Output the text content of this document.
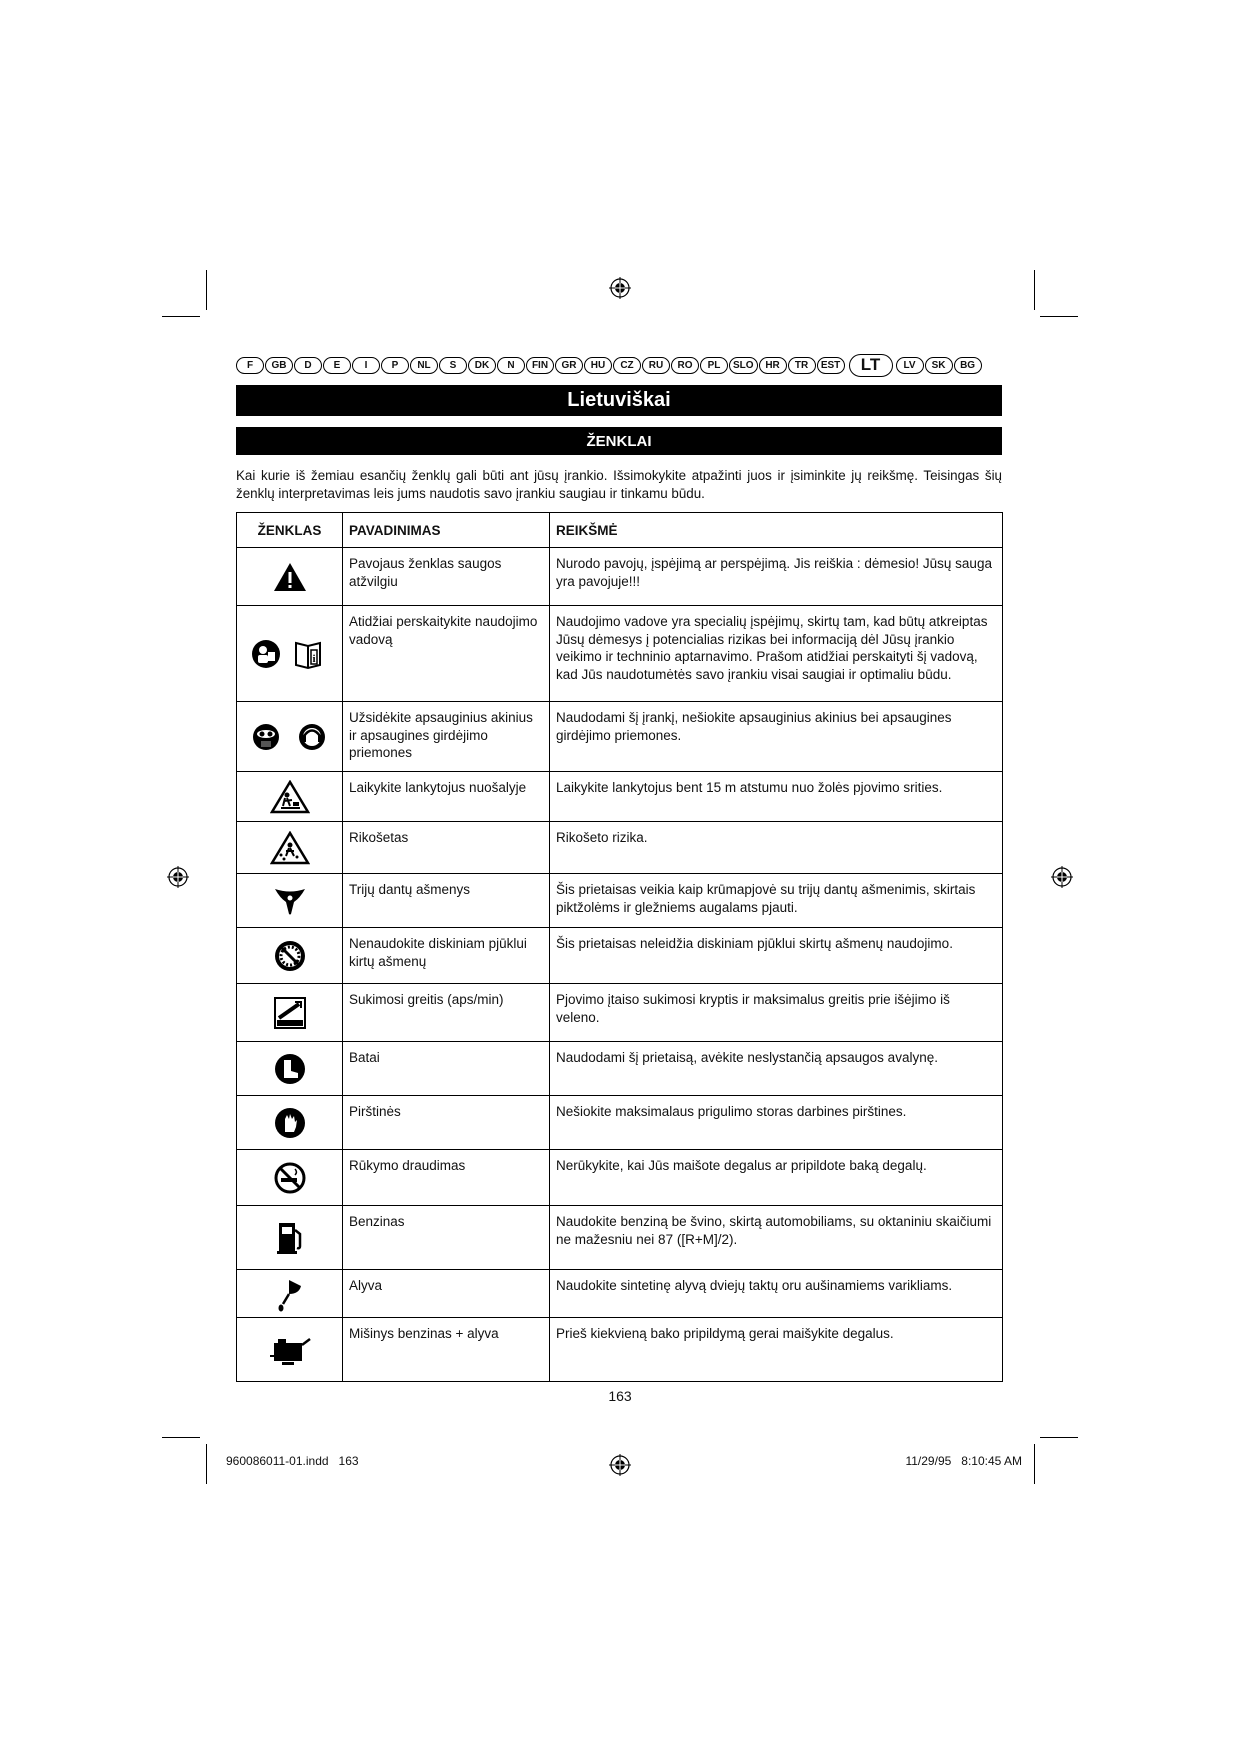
F	GB	D	E	I	P	NL	S	DK	N	FIN	GR	HU	CZ	RU	RO	PL	SLO	HR	TR	EST	LT	LV	SK	BG
Lietuviškai
ŽENKLAI
Kai kurie iš žemiau esančių ženklų gali būti ant jūsų įrankio. Išsimokykite atpažinti juos ir įsiminkite jų reikšmę. Teisingas šių ženklų interpretavimas leis jums naudotis savo įrankiu saugiau ir tinkamu būdu.
ŽENKLAS	PAVADINIMAS	REIKŠMĖ
	Pavojaus ženklas saugos atžvilgiu	Nurodo pavojų, įspėjimą ar perspėjimą. Jis reiškia : dėmesio! Jūsų sauga yra pavojuje!!!

i	Atidžiai perskaitykite naudojimo vadovą	Naudojimo vadove yra specialių įspėjimų, skirtų tam, kad būtų atkreiptas Jūsų dėmesys į potencialias rizikas bei informaciją dėl Jūsų įrankio veikimo ir techninio aptarnavimo. Prašom atidžiai perskaityti šį vadovą, kad Jūs naudotumėtės savo įrankiu visai saugiai ir optimaliu būdu.
	Užsidėkite apsauginius akinius ir apsaugines girdėjimo priemones	Naudodami šį įrankį, nešiokite apsauginius akinius bei apsaugines girdėjimo priemones.
	Laikykite lankytojus nuošalyje	Laikykite lankytojus bent 15 m atstumu nuo žolės pjovimo srities.
	Rikošetas	Rikošeto rizika.
	Trijų dantų ašmenys	Šis prietaisas veikia kaip krūmapjovė su trijų dantų ašmenimis, skirtais piktžolėms ir gležniems augalams pjauti.
	Nenaudokite diskiniam pjūklui kirtų ašmenų	Šis prietaisas neleidžia diskiniam pjūklui skirtų ašmenų naudojimo.
	Sukimosi greitis (aps/min)	Pjovimo įtaiso sukimosi kryptis ir maksimalus greitis prie išėjimo iš veleno.
	Batai	Naudodami šį prietaisą, avėkite neslystančią apsaugos avalynę.
	Pirštinės	Nešiokite maksimalaus prigulimo storas darbines pirštines.
	Rūkymo draudimas	Nerūkykite, kai Jūs maišote degalus ar pripildote baką degalų.
	Benzinas	Naudokite benziną be švino, skirtą automobiliams, su oktaniniu skaičiumi ne mažesniu nei 87 ([R+M]/2).
	Alyva	Naudokite sintetinę alyvą dviejų taktų oru aušinamiems varikliams.
	Mišinys benzinas + alyva	Prieš kiekvieną bako pripildymą gerai maišykite degalus.
163
960086011-01.indd   163	11/29/95   8:10:45 AM
